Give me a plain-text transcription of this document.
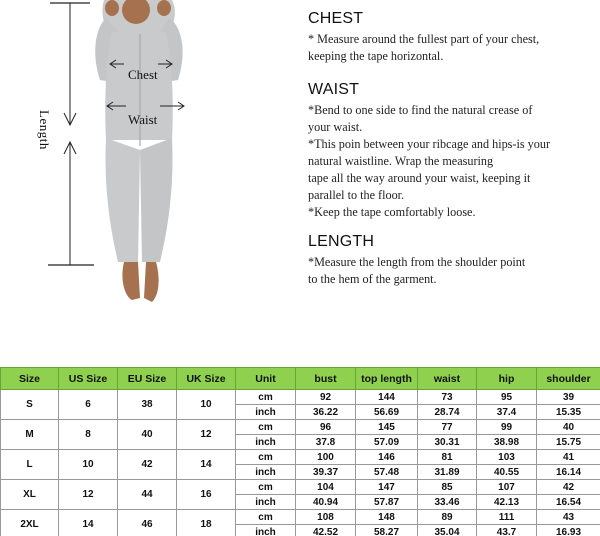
Chest
Waist
Length
CHEST
* Measure around the fullest part of your chest,
keeping the tape horizontal.
WAIST
*Bend to one side to find the natural crease of
your waist.
*This poin between your ribcage and hips-is your
natural waistline. Wrap the measuring
tape all the way around your waist, keeping it
parallel to the floor.
*Keep the tape comfortably loose.
LENGTH
*Measure the length from the shoulder point
to the hem of the garment.
Size	US Size	EU Size	UK Size	Unit	bust	top length	waist	hip	shoulder
S	6	38	10	cm	92	144	73	95	39
				inch	36.22	56.69	28.74	37.4	15.35
M	8	40	12	cm	96	145	77	99	40
				inch	37.8	57.09	30.31	38.98	15.75
L	10	42	14	cm	100	146	81	103	41
				inch	39.37	57.48	31.89	40.55	16.14
XL	12	44	16	cm	104	147	85	107	42
				inch	40.94	57.87	33.46	42.13	16.54
2XL	14	46	18	cm	108	148	89	111	43
				inch	42.52	58.27	35.04	43.7	16.93
